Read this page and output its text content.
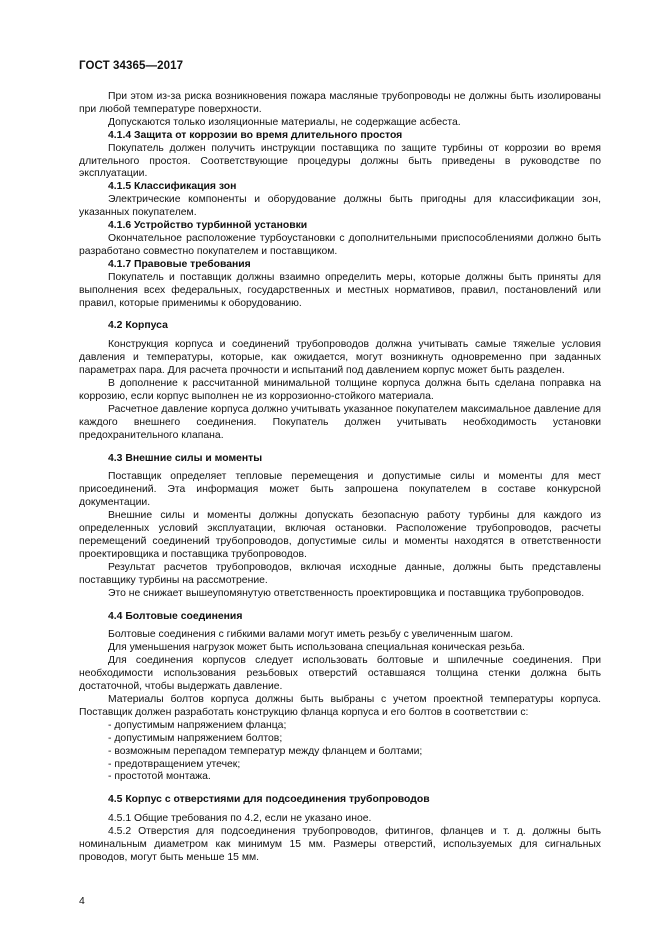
ГОСТ 34365—2017

При этом из-за риска возникновения пожара масляные трубопроводы не должны быть изолированы при любой температуре поверхности.

Допускаются только изоляционные материалы, не содержащие асбеста.

4.1.4 Защита от коррозии во время длительного простоя

Покупатель должен получить инструкции поставщика по защите турбины от коррозии во время длительного простоя. Соответствующие процедуры должны быть приведены в руководстве по эксплуатации.

4.1.5 Классификация зон

Электрические компоненты и оборудование должны быть пригодны для классификации зон, указанных покупателем.

4.1.6 Устройство турбинной установки

Окончательное расположение турбоустановки с дополнительными приспособлениями должно быть разработано совместно покупателем и поставщиком.

4.1.7 Правовые требования

Покупатель и поставщик должны взаимно определить меры, которые должны быть приняты для выполнения всех федеральных, государственных и местных нормативов, правил, постановлений или правил, которые применимы к оборудованию.

4.2 Корпуса

Конструкция корпуса и соединений трубопроводов должна учитывать самые тяжелые условия давления и температуры, которые, как ожидается, могут возникнуть одновременно при заданных параметрах пара. Для расчета прочности и испытаний под давлением корпус может быть разделен.

В дополнение к рассчитанной минимальной толщине корпуса должна быть сделана поправка на коррозию, если корпус выполнен не из коррозионно-стойкого материала.

Расчетное давление корпуса должно учитывать указанное покупателем максимальное давление для каждого внешнего соединения. Покупатель должен учитывать необходимость установки предохранительного клапана.

4.3 Внешние силы и моменты

Поставщик определяет тепловые перемещения и допустимые силы и моменты для мест присоединений. Эта информация может быть запрошена покупателем в составе конкурсной документации.

Внешние силы и моменты должны допускать безопасную работу турбины для каждого из определенных условий эксплуатации, включая остановки. Расположение трубопроводов, расчеты перемещений соединений трубопроводов, допустимые силы и моменты находятся в ответственности проектировщика и поставщика трубопроводов.

Результат расчетов трубопроводов, включая исходные данные, должны быть представлены поставщику турбины на рассмотрение.

Это не снижает вышеупомянутую ответственность проектировщика и поставщика трубопроводов.

4.4 Болтовые соединения

Болтовые соединения с гибкими валами могут иметь резьбу с увеличенным шагом.

Для уменьшения нагрузок может быть использована специальная коническая резьба.

Для соединения корпусов следует использовать болтовые и шпилечные соединения. При необходимости использования резьбовых отверстий оставшаяся толщина стенки должна быть достаточной, чтобы выдержать давление.

Материалы болтов корпуса должны быть выбраны с учетом проектной температуры корпуса. Поставщик должен разработать конструкцию фланца корпуса и его болтов в соответствии с:

- допустимым напряжением фланца;

- допустимым напряжением болтов;

- возможным перепадом температур между фланцем и болтами;

- предотвращением утечек;

- простотой монтажа.

4.5 Корпус с отверстиями для подсоединения трубопроводов

4.5.1 Общие требования по 4.2, если не указано иное.

4.5.2 Отверстия для подсоединения трубопроводов, фитингов, фланцев и т. д. должны быть номинальным диаметром как минимум 15 мм. Размеры отверстий, используемых для сигнальных проводов, могут быть меньше 15 мм.

4
